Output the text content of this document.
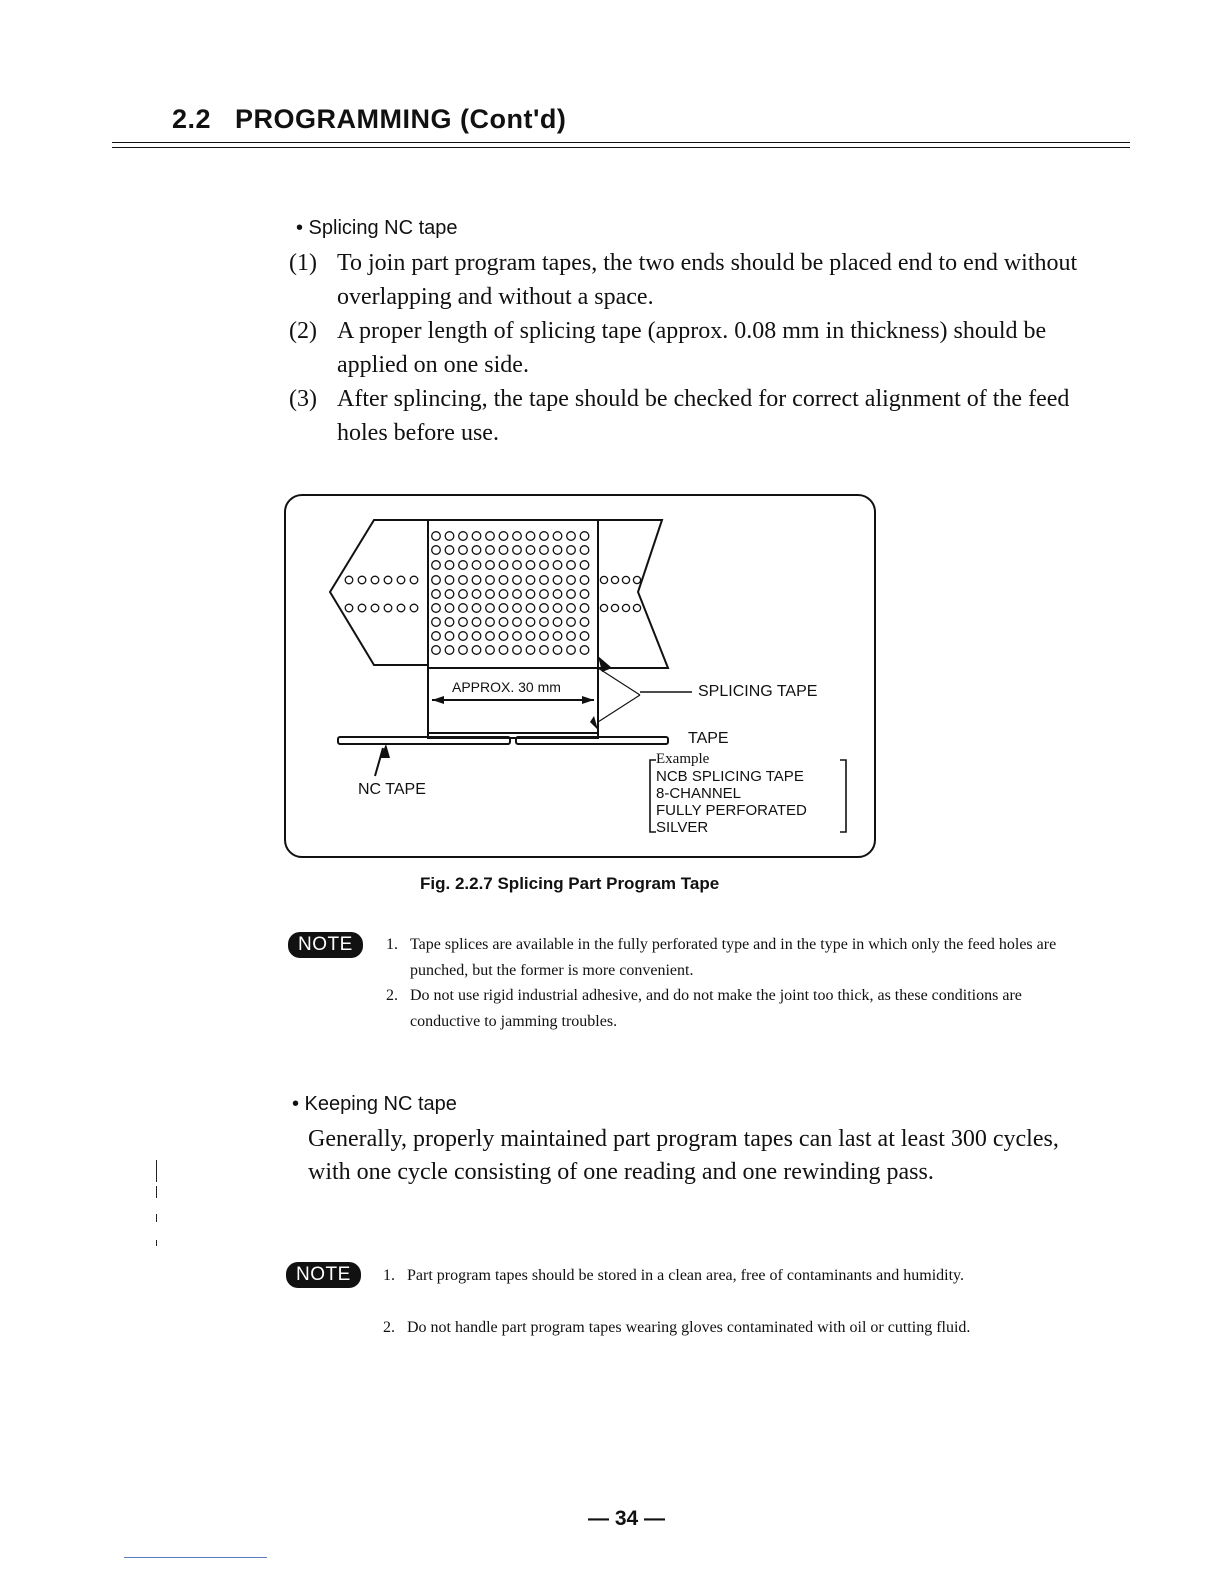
2.2 PROGRAMMING (Cont'd)
• Splicing NC tape
(1) To join part program tapes, the two ends should be placed end to end without overlapping and without a space.
(2) A proper length of splicing tape (approx. 0.08 mm in thickness) should be applied on one side.
(3) After splincing, the tape should be checked for correct alignment of the feed holes before use.
APPROX. 30 mm	SPLICING TAPE
TAPE
NC TAPE
Example
NCB SPLICING TAPE
8-CHANNEL
FULLY PERFORATED
SILVER
Fig. 2.2.7 Splicing Part Program Tape
NOTE	1. Tape splices are available in the fully perforated type and in the type in which only the feed holes are punched, but the former is more convenient.
2. Do not use rigid industrial adhesive, and do not make the joint too thick, as these conditions are conductive to jamming troubles.
• Keeping NC tape
Generally, properly maintained part program tapes can last at least 300 cycles, with one cycle consisting of one reading and one rewinding pass.
NOTE	1. Part program tapes should be stored in a clean area, free of contaminants and humidity.
2. Do not handle part program tapes wearing gloves contaminated with oil or cutting fluid.
— 34 —
